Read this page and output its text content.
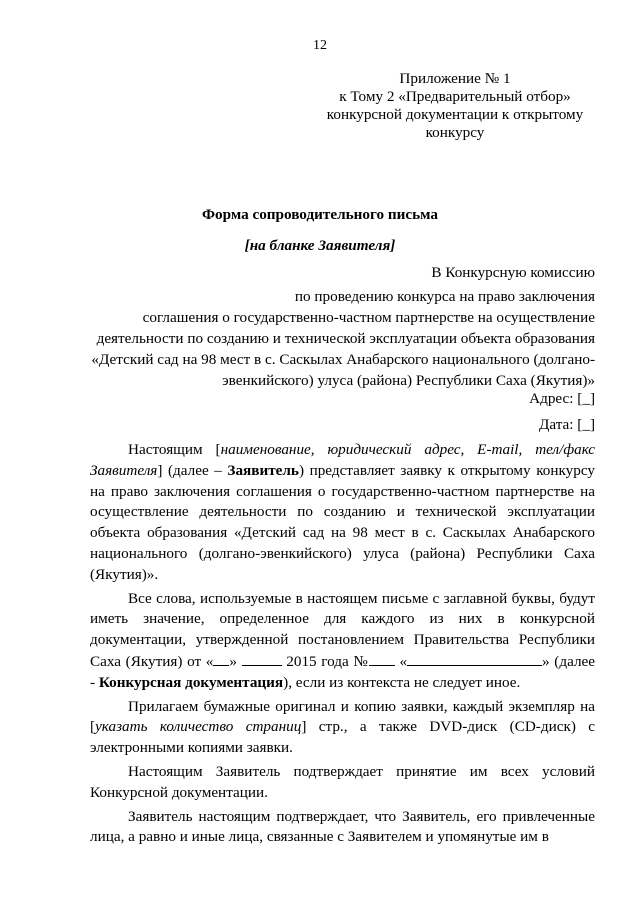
12
Приложение № 1
к Тому 2 «Предварительный отбор»
конкурсной документации к открытому
конкурсу
Форма сопроводительного письма
[на бланке Заявителя]
В Конкурсную комиссию
по проведению конкурса на право заключения
соглашения о государственно-частном партнерстве на осуществление
деятельности по созданию и технической эксплуатации объекта образования
«Детский сад на 98 мест в с. Саскылах Анабарского национального (долгано-
эвенкийского) улуса (района) Республики Саха (Якутия)»
Адрес: [_]
Дата: [_]

Настоящим [наименование, юридический адрес, E-mail, тел/факс Заявителя] (далее – Заявитель) представляет заявку к открытому конкурсу на право заключения соглашения о государственно-частном партнерстве на осуществление деятельности по созданию и технической эксплуатации объекта образования «Детский сад на 98 мест в с. Саскылах Анабарского национального (долгано-эвенкийского) улуса (района) Республики Саха (Якутия)».

Все слова, используемые в настоящем письме с заглавной буквы, будут иметь значение, определенное для каждого из них в конкурсной документации, утвержденной постановлением Правительства Республики Саха (Якутия) от « »	2015 года № «	» (далее - Конкурсная документация), если из контекста не следует иное.

Прилагаем бумажные оригинал и копию заявки, каждый экземпляр на [указать количество страниц] стр., а также DVD-диск (CD-диск) с электронными копиями заявки.

Настоящим Заявитель подтверждает принятие им всех условий Конкурсной документации.

Заявитель настоящим подтверждает, что Заявитель, его привлеченные лица, а равно и иные лица, связанные с Заявителем и упомянутые им в
